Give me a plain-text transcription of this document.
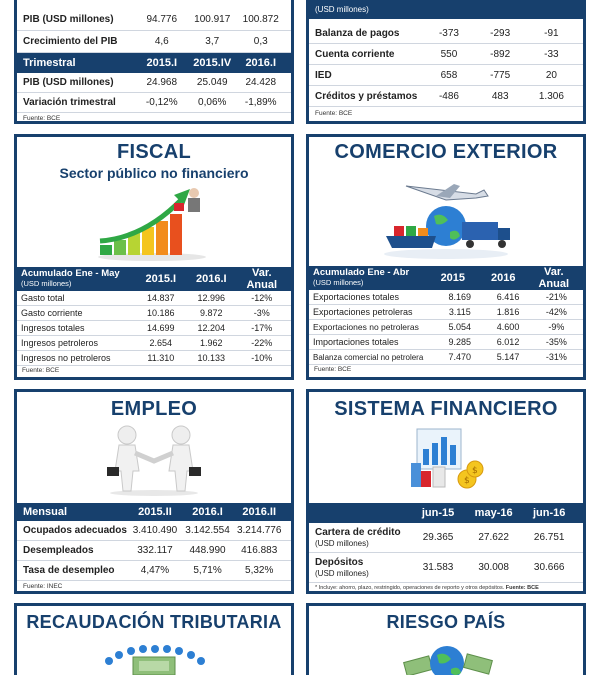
PIB (USD millones)	94.776	100.917	100.872
Crecimiento del PIB	4,6	3,7	0,3
Trimestral	2015.I	2015.IV	2016.I
PIB (USD millones)	24.968	25.049	24.428
Variación trimestral	-0,12%	0,06%	-1,89%
Fuente: BCE
(USD millones)
Balanza de pagos	-373	-293	-91
Cuenta corriente	550	-892	-33
IED	658	-775	20
Créditos y préstamos	-486	483	1.306
Fuente: BCE
FISCAL
Sector público no financiero
Acumulado Ene - May
(USD millones)	2015.I	2016.I	Var. Anual
Gasto total	14.837	12.996	-12%
Gasto corriente	10.186	9.872	-3%
Ingresos totales	14.699	12.204	-17%
Ingresos petroleros	2.654	1.962	-22%
Ingresos no petroleros	11.310	10.133	-10%
Fuente: BCE
COMERCIO EXTERIOR
Acumulado Ene - Abr
(USD millones)	2015	2016	Var. Anual
Exportaciones totales	8.169	6.416	-21%
Exportaciones petroleras	3.115	1.816	-42%
Exportaciones no petroleras	5.054	4.600	-9%
Importaciones totales	9.285	6.012	-35%
Balanza comercial no petrolera	7.470	5.147	-31%
Fuente: BCE
EMPLEO
Mensual	2015.II	2016.I	2016.II
Ocupados adecuados 3.410.490 3.142.554 3.214.776
Desempleados	332.117	448.990	416.883
Tasa de desempleo	4,47%	5,71%	5,32%
Fuente: INEC
SISTEMA FINANCIERO
$
$
jun-15	may-16	jun-16
Cartera de crédito
(USD millones)	29.365	27.622	26.751
Depósitos
(USD millones)	31.583	30.008	30.666
* Incluye: ahorro, plazo, restringido, operaciones de reporto y otros depósitos. Fuente: BCE
RECAUDACIÓN TRIBUTARIA	RIESGO PAÍS
